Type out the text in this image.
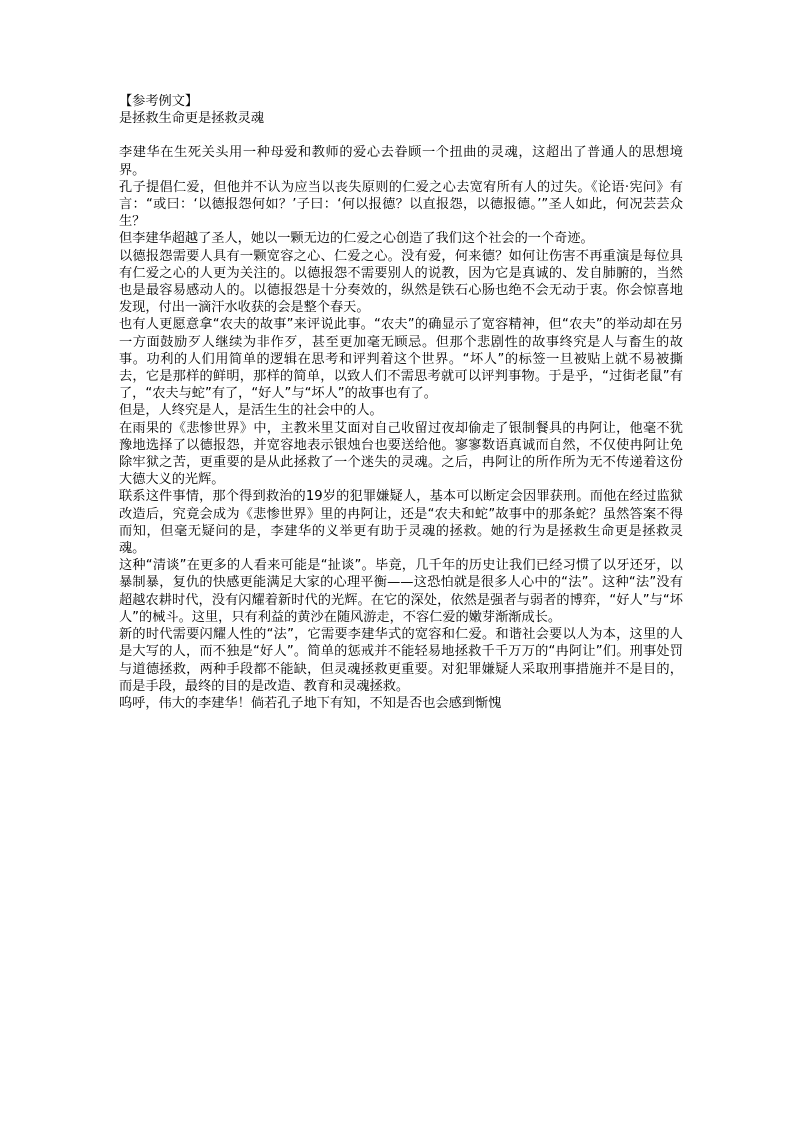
【参考例文】

是拯救生命更是拯救灵魂

李建华在生死关头用一种母爱和教师的爱心去眷顾一个扭曲的灵魂，这超出了普通人的思想境界。

孔子提倡仁爱，但他并不认为应当以丧失原则的仁爱之心去宽宥所有人的过失。《论语·宪问》有言：“或曰：‘以德报怨何如？’子曰：‘何以报德？以直报怨，以德报德。’”圣人如此，何况芸芸众生？

但李建华超越了圣人，她以一颗无边的仁爱之心创造了我们这个社会的一个奇迹。

以德报怨需要人具有一颗宽容之心、仁爱之心。没有爱，何来德？如何让伤害不再重演是每位具有仁爱之心的人更为关注的。以德报怨不需要别人的说教，因为它是真诚的、发自肺腑的，当然也是最容易感动人的。以德报怨是十分奏效的，纵然是铁石心肠也绝不会无动于衷。你会惊喜地发现，付出一滴汗水收获的会是整个春天。

也有人更愿意拿“农夫的故事”来评说此事。“农夫”的确显示了宽容精神，但“农夫”的举动却在另一方面鼓励歹人继续为非作歹，甚至更加毫无顾忌。但那个悲剧性的故事终究是人与畜生的故事。功利的人们用简单的逻辑在思考和评判着这个世界。“坏人”的标签一旦被贴上就不易被撕去，它是那样的鲜明，那样的简单，以致人们不需思考就可以评判事物。于是乎，“过街老鼠”有了，“农夫与蛇”有了，“好人”与“坏人”的故事也有了。

但是，人终究是人，是活生生的社会中的人。

在雨果的《悲惨世界》中，主教米里艾面对自己收留过夜却偷走了银制餐具的冉阿让，他毫不犹豫地选择了以德报怨，并宽容地表示银烛台也要送给他。寥寥数语真诚而自然，不仅使冉阿让免除牢狱之苦，更重要的是从此拯救了一个迷失的灵魂。之后，冉阿让的所作所为无不传递着这份大德大义的光辉。

联系这件事情，那个得到救治的19岁的犯罪嫌疑人，基本可以断定会因罪获刑。而他在经过监狱改造后，究竟会成为《悲惨世界》里的冉阿让，还是“农夫和蛇”故事中的那条蛇？虽然答案不得而知，但毫无疑问的是，李建华的义举更有助于灵魂的拯救。她的行为是拯救生命更是拯救灵魂。

这种“清谈”在更多的人看来可能是“扯谈”。毕竟，几千年的历史让我们已经习惯了以牙还牙，以暴制暴，复仇的快感更能满足大家的心理平衡——这恐怕就是很多人心中的“法”。这种“法”没有超越农耕时代，没有闪耀着新时代的光辉。在它的深处，依然是强者与弱者的博弈，“好人”与“坏人”的械斗。这里，只有利益的黄沙在随风游走，不容仁爱的嫩芽渐渐成长。

新的时代需要闪耀人性的“法”，它需要李建华式的宽容和仁爱。和谐社会要以人为本，这里的人是大写的人，而不独是“好人”。简单的惩戒并不能轻易地拯救千千万万的“冉阿让”们。刑事处罚与道德拯救，两种手段都不能缺，但灵魂拯救更重要。对犯罪嫌疑人采取刑事措施并不是目的，而是手段，最终的目的是改造、教育和灵魂拯救。

呜呼，伟大的李建华！倘若孔子地下有知，不知是否也会感到惭愧
